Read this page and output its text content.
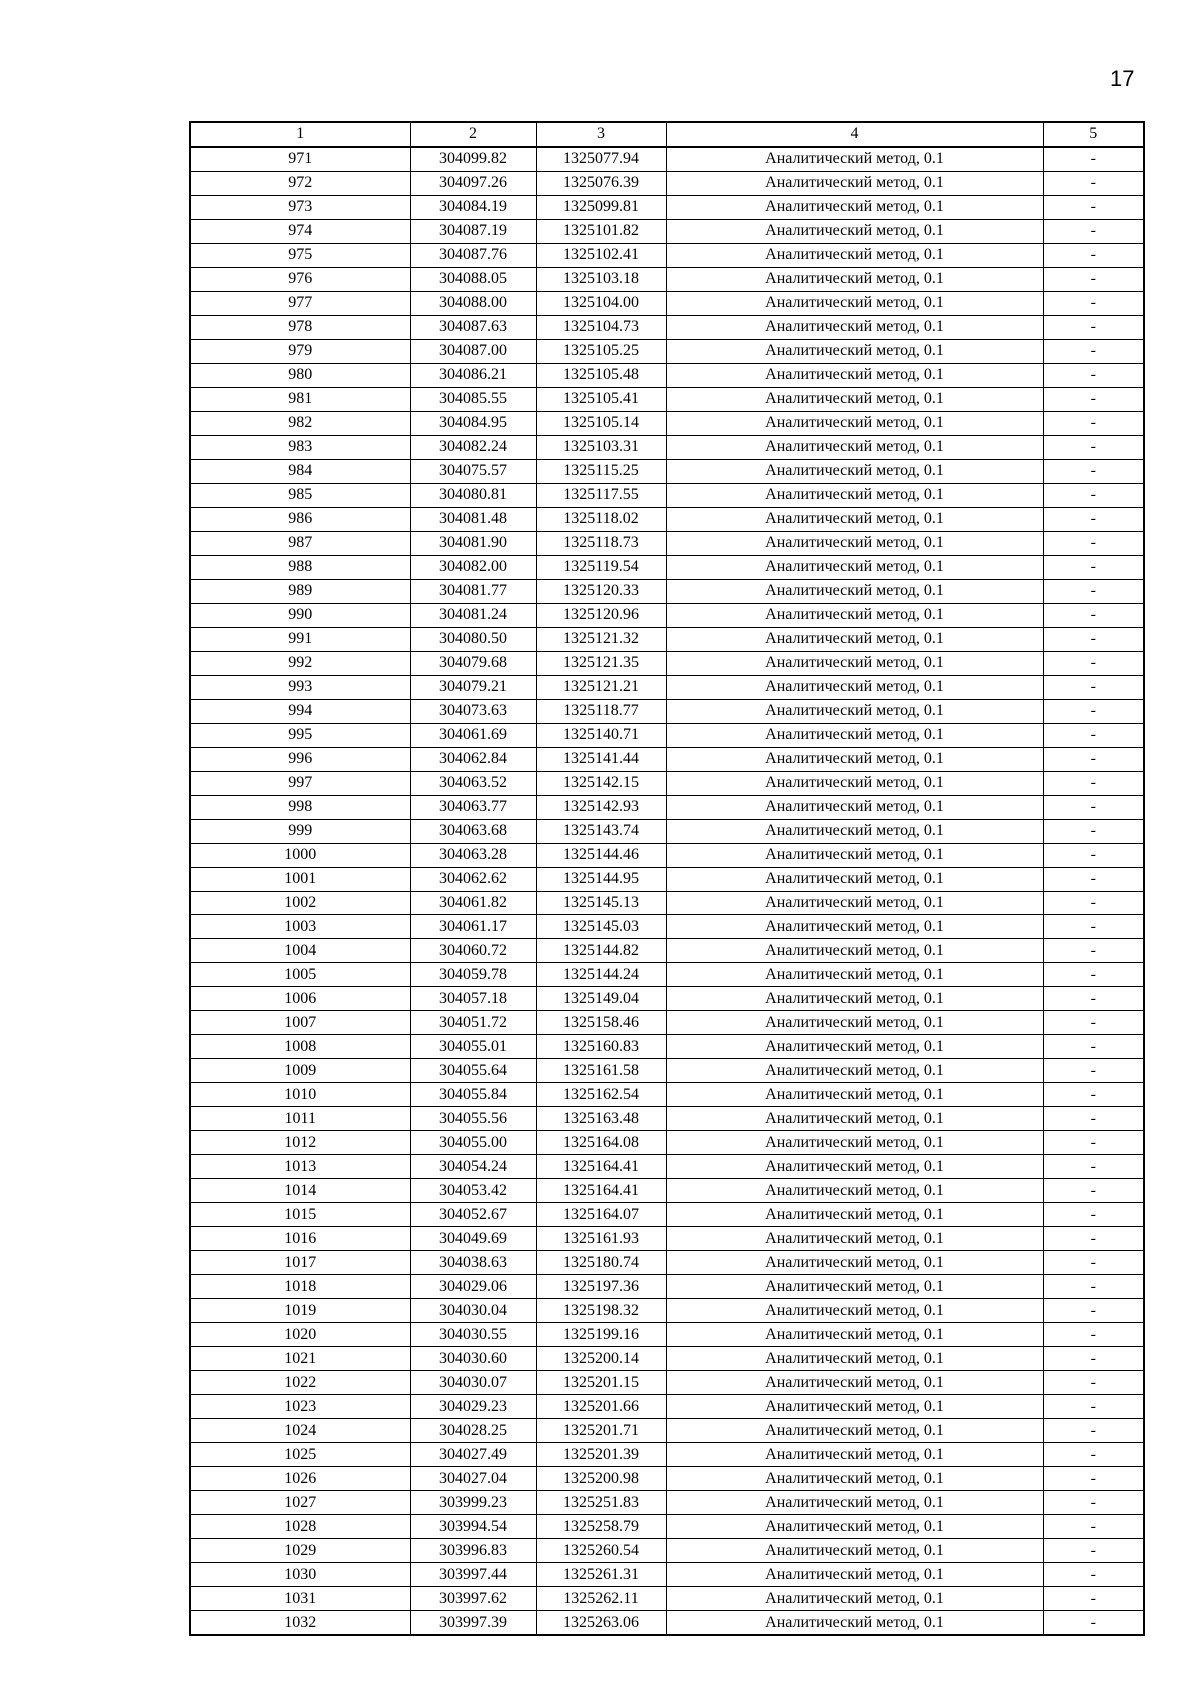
17
1	2	3	4	5
971	304099.82	1325077.94	Аналитический метод, 0.1	-
972	304097.26	1325076.39	Аналитический метод, 0.1	-
973	304084.19	1325099.81	Аналитический метод, 0.1	-
974	304087.19	1325101.82	Аналитический метод, 0.1	-
975	304087.76	1325102.41	Аналитический метод, 0.1	-
976	304088.05	1325103.18	Аналитический метод, 0.1	-
977	304088.00	1325104.00	Аналитический метод, 0.1	-
978	304087.63	1325104.73	Аналитический метод, 0.1	-
979	304087.00	1325105.25	Аналитический метод, 0.1	-
980	304086.21	1325105.48	Аналитический метод, 0.1	-
981	304085.55	1325105.41	Аналитический метод, 0.1	-
982	304084.95	1325105.14	Аналитический метод, 0.1	-
983	304082.24	1325103.31	Аналитический метод, 0.1	-
984	304075.57	1325115.25	Аналитический метод, 0.1	-
985	304080.81	1325117.55	Аналитический метод, 0.1	-
986	304081.48	1325118.02	Аналитический метод, 0.1	-
987	304081.90	1325118.73	Аналитический метод, 0.1	-
988	304082.00	1325119.54	Аналитический метод, 0.1	-
989	304081.77	1325120.33	Аналитический метод, 0.1	-
990	304081.24	1325120.96	Аналитический метод, 0.1	-
991	304080.50	1325121.32	Аналитический метод, 0.1	-
992	304079.68	1325121.35	Аналитический метод, 0.1	-
993	304079.21	1325121.21	Аналитический метод, 0.1	-
994	304073.63	1325118.77	Аналитический метод, 0.1	-
995	304061.69	1325140.71	Аналитический метод, 0.1	-
996	304062.84	1325141.44	Аналитический метод, 0.1	-
997	304063.52	1325142.15	Аналитический метод, 0.1	-
998	304063.77	1325142.93	Аналитический метод, 0.1	-
999	304063.68	1325143.74	Аналитический метод, 0.1	-
1000	304063.28	1325144.46	Аналитический метод, 0.1	-
1001	304062.62	1325144.95	Аналитический метод, 0.1	-
1002	304061.82	1325145.13	Аналитический метод, 0.1	-
1003	304061.17	1325145.03	Аналитический метод, 0.1	-
1004	304060.72	1325144.82	Аналитический метод, 0.1	-
1005	304059.78	1325144.24	Аналитический метод, 0.1	-
1006	304057.18	1325149.04	Аналитический метод, 0.1	-
1007	304051.72	1325158.46	Аналитический метод, 0.1	-
1008	304055.01	1325160.83	Аналитический метод, 0.1	-
1009	304055.64	1325161.58	Аналитический метод, 0.1	-
1010	304055.84	1325162.54	Аналитический метод, 0.1	-
1011	304055.56	1325163.48	Аналитический метод, 0.1	-
1012	304055.00	1325164.08	Аналитический метод, 0.1	-
1013	304054.24	1325164.41	Аналитический метод, 0.1	-
1014	304053.42	1325164.41	Аналитический метод, 0.1	-
1015	304052.67	1325164.07	Аналитический метод, 0.1	-
1016	304049.69	1325161.93	Аналитический метод, 0.1	-
1017	304038.63	1325180.74	Аналитический метод, 0.1	-
1018	304029.06	1325197.36	Аналитический метод, 0.1	-
1019	304030.04	1325198.32	Аналитический метод, 0.1	-
1020	304030.55	1325199.16	Аналитический метод, 0.1	-
1021	304030.60	1325200.14	Аналитический метод, 0.1	-
1022	304030.07	1325201.15	Аналитический метод, 0.1	-
1023	304029.23	1325201.66	Аналитический метод, 0.1	-
1024	304028.25	1325201.71	Аналитический метод, 0.1	-
1025	304027.49	1325201.39	Аналитический метод, 0.1	-
1026	304027.04	1325200.98	Аналитический метод, 0.1	-
1027	303999.23	1325251.83	Аналитический метод, 0.1	-
1028	303994.54	1325258.79	Аналитический метод, 0.1	-
1029	303996.83	1325260.54	Аналитический метод, 0.1	-
1030	303997.44	1325261.31	Аналитический метод, 0.1	-
1031	303997.62	1325262.11	Аналитический метод, 0.1	-
1032	303997.39	1325263.06	Аналитический метод, 0.1	-
